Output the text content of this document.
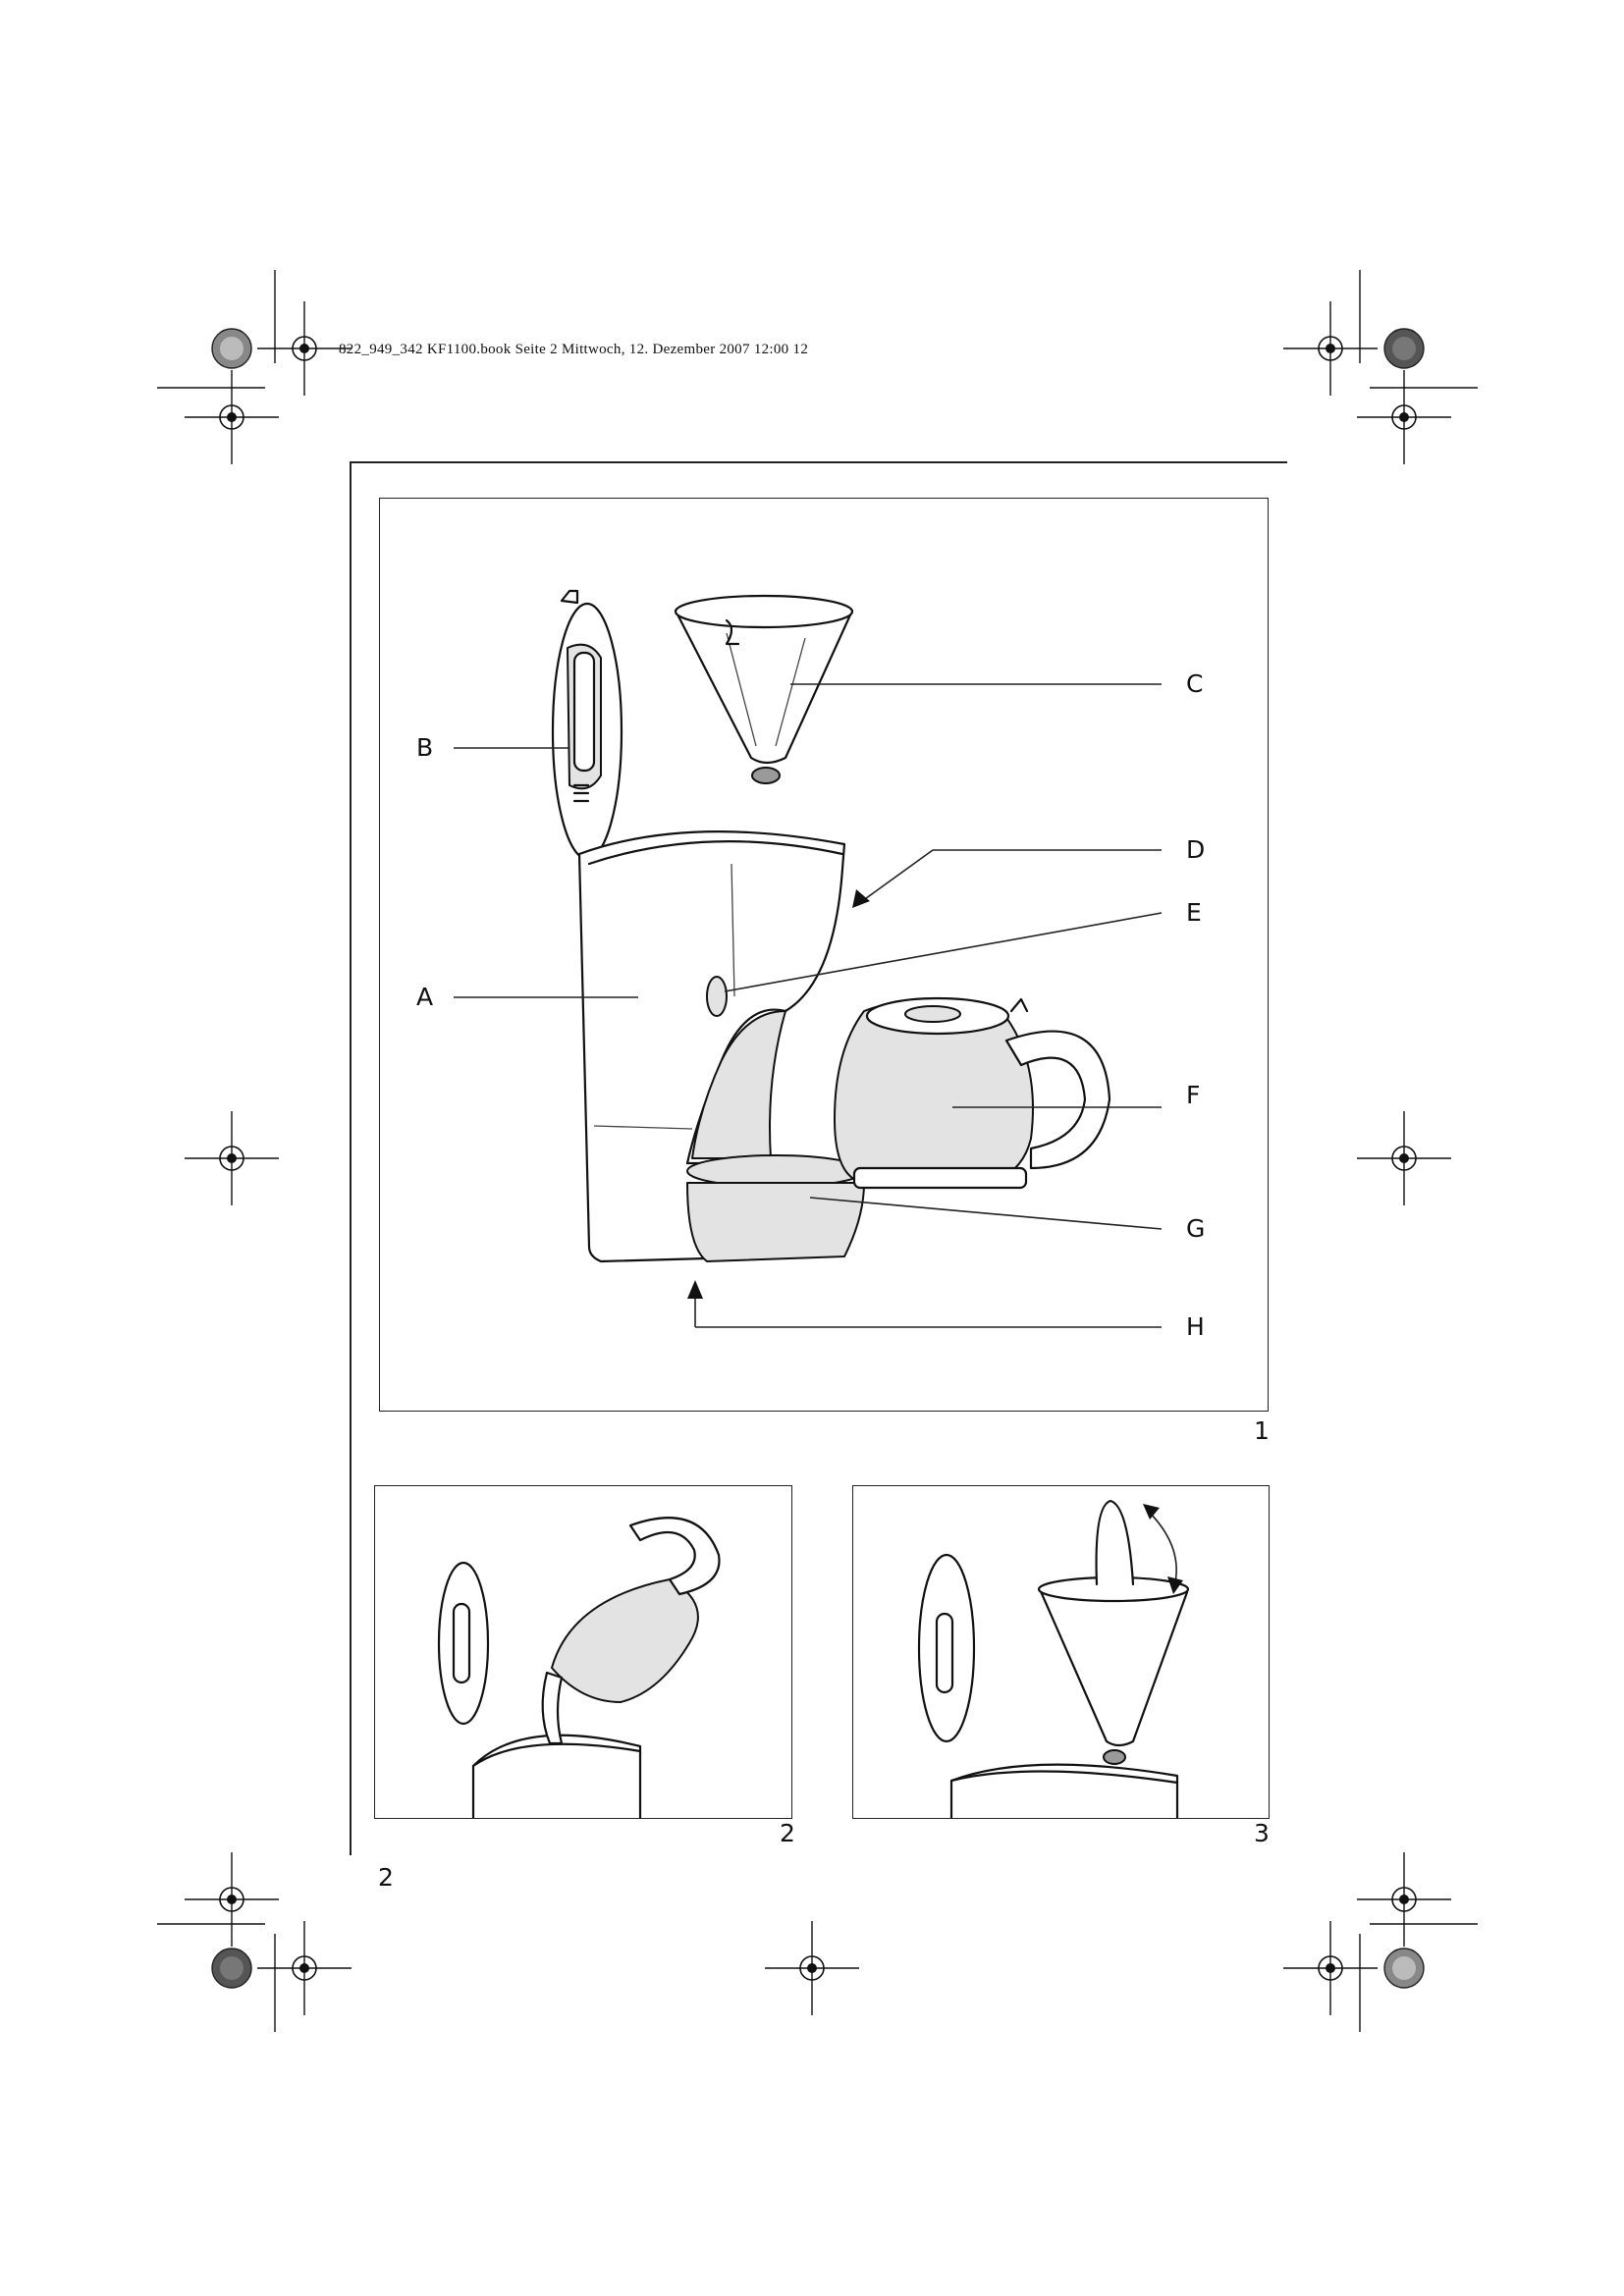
822_949_342 KF1100.book Seite 2 Mittwoch, 12. Dezember 2007 12:00 12
A
B
C
D
E
F
G
H
1
2	3
2
